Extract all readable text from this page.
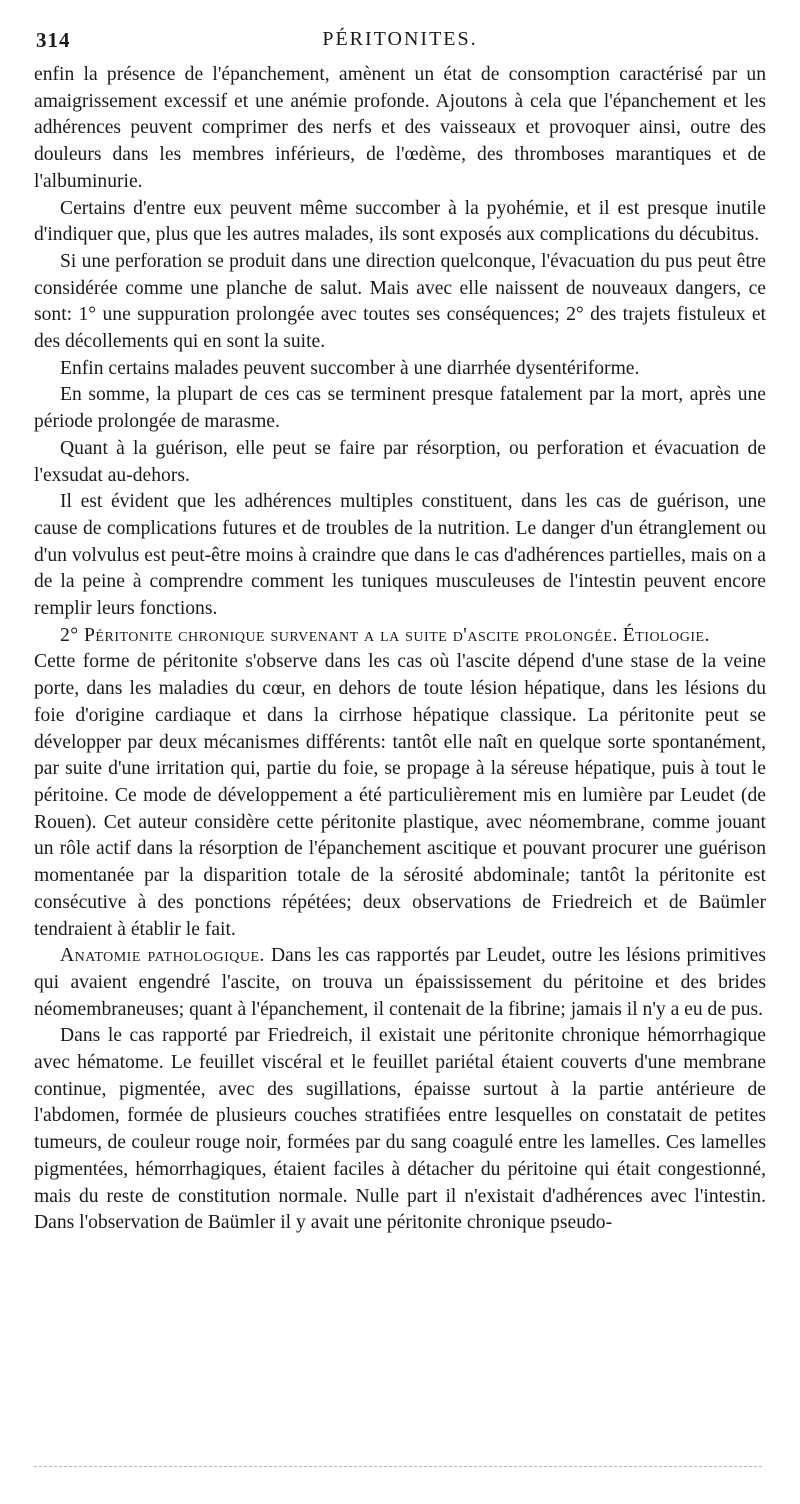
314	PÉRITONITES.

enfin la présence de l'épanchement, amènent un état de consomption caractérisé par un amaigrissement excessif et une anémie profonde. Ajoutons à cela que l'épanchement et les adhérences peuvent comprimer des nerfs et des vaisseaux et provoquer ainsi, outre des douleurs dans les membres inférieurs, de l'œdème, des thromboses marantiques et de l'albuminurie.

Certains d'entre eux peuvent même succomber à la pyohémie, et il est presque inutile d'indiquer que, plus que les autres malades, ils sont exposés aux complications du décubitus.

Si une perforation se produit dans une direction quelconque, l'évacuation du pus peut être considérée comme une planche de salut. Mais avec elle naissent de nouveaux dangers, ce sont: 1° une suppuration prolongée avec toutes ses conséquences; 2° des trajets fistuleux et des décollements qui en sont la suite.

Enfin certains malades peuvent succomber à une diarrhée dysentériforme.

En somme, la plupart de ces cas se terminent presque fatalement par la mort, après une période prolongée de marasme.

Quant à la guérison, elle peut se faire par résorption, ou perforation et évacuation de l'exsudat au-dehors.

Il est évident que les adhérences multiples constituent, dans les cas de guérison, une cause de complications futures et de troubles de la nutrition. Le danger d'un étranglement ou d'un volvulus est peut-être moins à craindre que dans le cas d'adhérences partielles, mais on a de la peine à comprendre comment les tuniques musculeuses de l'intestin peuvent encore remplir leurs fonctions.

2° Péritonite chronique survenant a la suite d'ascite prolongée. Étiologie.

Cette forme de péritonite s'observe dans les cas où l'ascite dépend d'une stase de la veine porte, dans les maladies du cœur, en dehors de toute lésion hépatique, dans les lésions du foie d'origine cardiaque et dans la cirrhose hépatique classique. La péritonite peut se développer par deux mécanismes différents: tantôt elle naît en quelque sorte spontanément, par suite d'une irritation qui, partie du foie, se propage à la séreuse hépatique, puis à tout le péritoine. Ce mode de développement a été particulièrement mis en lumière par Leudet (de Rouen). Cet auteur considère cette péritonite plastique, avec néomembrane, comme jouant un rôle actif dans la résorption de l'épanchement ascitique et pouvant procurer une guérison momentanée par la disparition totale de la sérosité abdominale; tantôt la péritonite est consécutive à des ponctions répétées; deux observations de Friedreich et de Baümler tendraient à établir le fait.

Anatomie pathologique. Dans les cas rapportés par Leudet, outre les lésions primitives qui avaient engendré l'ascite, on trouva un épaississement du péritoine et des brides néomembraneuses; quant à l'épanchement, il contenait de la fibrine; jamais il n'y a eu de pus.

Dans le cas rapporté par Friedreich, il existait une péritonite chronique hémorrhagique avec hématome. Le feuillet viscéral et le feuillet pariétal étaient couverts d'une membrane continue, pigmentée, avec des sugillations, épaisse surtout à la partie antérieure de l'abdomen, formée de plusieurs couches stratifiées entre lesquelles on constatait de petites tumeurs, de couleur rouge noir, formées par du sang coagulé entre les lamelles. Ces lamelles pigmentées, hémorrhagiques, étaient faciles à détacher du péritoine qui était congestionné, mais du reste de constitution normale. Nulle part il n'existait d'adhérences avec l'intestin. Dans l'observation de Baümler il y avait une péritonite chronique pseudo-
